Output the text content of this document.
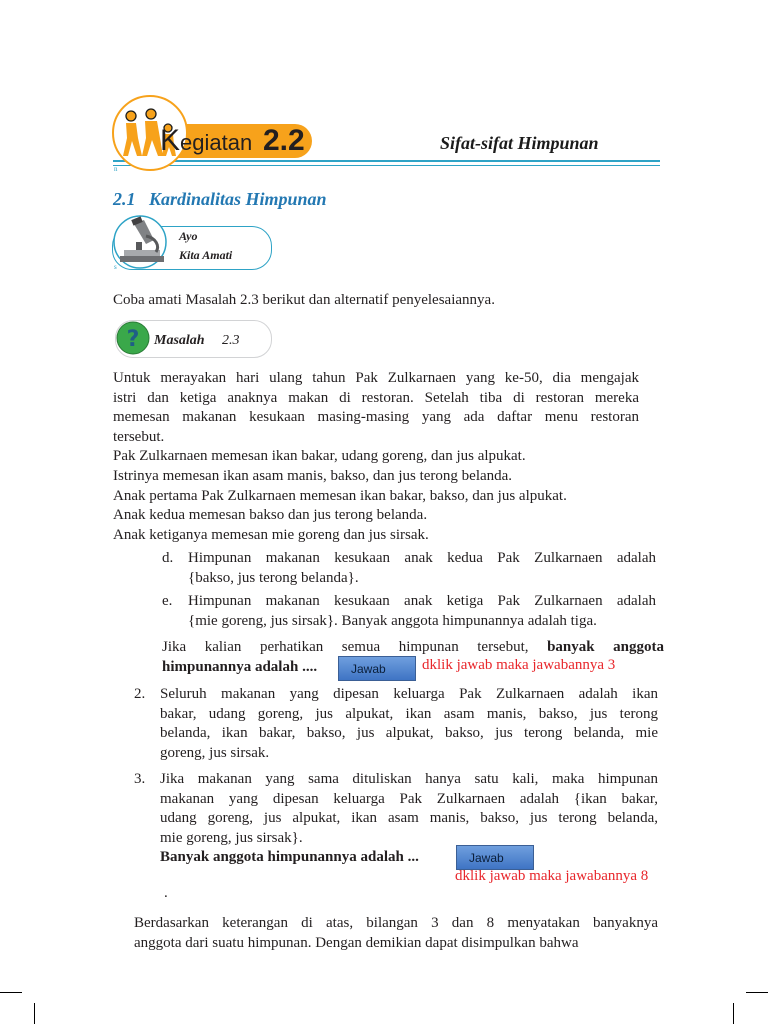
Kegiatan 2.2	Sifat-sifat Himpunan
n
2.1   Kardinalitas Himpunan
Ayo
Kita Amati
s
Coba amati Masalah 2.3 berikut dan alternatif penyelesaiannya.
? Masalah 2.3
Untuk merayakan hari ulang tahun Pak Zulkarnaen yang ke-50, dia mengajak
istri dan ketiga anaknya makan di restoran. Setelah tiba di restoran mereka
memesan makanan kesukaan masing-masing yang ada daftar menu restoran
tersebut.
Pak Zulkarnaen memesan ikan bakar, udang goreng, dan jus alpukat.
Istrinya memesan ikan asam manis, bakso, dan jus terong belanda.
Anak pertama Pak Zulkarnaen memesan ikan bakar, bakso, dan jus alpukat.
Anak kedua memesan bakso dan jus terong belanda.
Anak ketiganya memesan mie goreng dan jus sirsak.
d. Himpunan makanan kesukaan anak kedua Pak Zulkarnaen adalah
{bakso, jus terong belanda}.
e. Himpunan makanan kesukaan anak ketiga Pak Zulkarnaen adalah
{mie goreng, jus sirsak}. Banyak anggota himpunannya adalah tiga.
Jika kalian perhatikan semua himpunan tersebut, banyak anggota
himpunannya adalah ....	Jawab	dklik jawab maka jawabannya 3
2. Seluruh makanan yang dipesan keluarga Pak Zulkarnaen adalah ikan
bakar, udang goreng, jus alpukat, ikan asam manis, bakso, jus terong
belanda, ikan bakar, bakso, jus alpukat, bakso, jus terong belanda, mie
goreng, jus sirsak.
3. Jika makanan yang sama dituliskan hanya satu kali, maka himpunan
makanan yang dipesan keluarga Pak Zulkarnaen adalah {ikan bakar,
udang goreng, jus alpukat, ikan asam manis, bakso, jus terong belanda,
mie goreng, jus sirsak}.
Banyak anggota himpunannya adalah ...	Jawab
dklik jawab maka jawabannya 8
.
Berdasarkan keterangan di atas, bilangan 3 dan 8 menyatakan banyaknya
anggota dari suatu himpunan. Dengan demikian dapat disimpulkan bahwa
